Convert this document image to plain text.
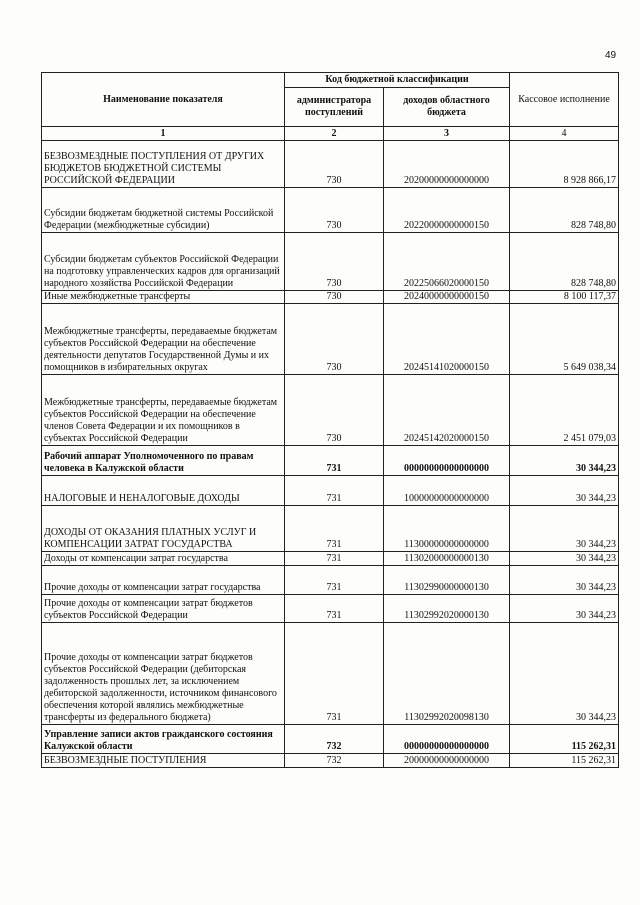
49
Наименование показателя	Код бюджетной классификации		Кассовое исполнение
	администратора поступлений	доходов областного бюджета	
1	2	3	4
БЕЗВОЗМЕЗДНЫЕ ПОСТУПЛЕНИЯ ОТ ДРУГИХ БЮДЖЕТОВ БЮДЖЕТНОЙ СИСТЕМЫ РОССИЙСКОЙ ФЕДЕРАЦИИ	730	20200000000000000	8 928 866,17
Субсидии бюджетам бюджетной системы Российской Федерации (межбюджетные субсидии)	730	20220000000000150	828 748,80
Субсидии бюджетам субъектов Российской Федерации на подготовку управленческих кадров для организаций народного хозяйства Российской Федерации	730	20225066020000150	828 748,80
Иные межбюджетные трансферты	730	20240000000000150	8 100 117,37
Межбюджетные трансферты, передаваемые бюджетам субъектов Российской Федерации на обеспечение деятельности депутатов Государственной Думы и их помощников в избирательных округах	730	20245141020000150	5 649 038,34
Межбюджетные трансферты, передаваемые бюджетам субъектов Российской Федерации на обеспечение членов Совета Федерации и их помощников в субъектах Российской Федерации	730	20245142020000150	2 451 079,03
Рабочий аппарат Уполномоченного по правам человека в Калужской области	731	00000000000000000	30 344,23
НАЛОГОВЫЕ И НЕНАЛОГОВЫЕ ДОХОДЫ	731	10000000000000000	30 344,23
ДОХОДЫ ОТ ОКАЗАНИЯ ПЛАТНЫХ УСЛУГ И КОМПЕНСАЦИИ ЗАТРАТ ГОСУДАРСТВА	731	11300000000000000	30 344,23
Доходы от компенсации затрат государства	731	11302000000000130	30 344,23
Прочие доходы от компенсации затрат государства	731	11302990000000130	30 344,23
Прочие доходы от компенсации затрат бюджетов субъектов Российской Федерации	731	11302992020000130	30 344,23
Прочие доходы от компенсации затрат бюджетов субъектов Российской Федерации (дебиторская задолженность прошлых лет, за исключением дебиторской задолженности, источником финансового обеспечения которой являлись межбюджетные трансферты из федерального бюджета)	731	11302992020098130	30 344,23
Управление записи актов гражданского состояния Калужской области	732	00000000000000000	115 262,31
БЕЗВОЗМЕЗДНЫЕ ПОСТУПЛЕНИЯ	732	20000000000000000	115 262,31
